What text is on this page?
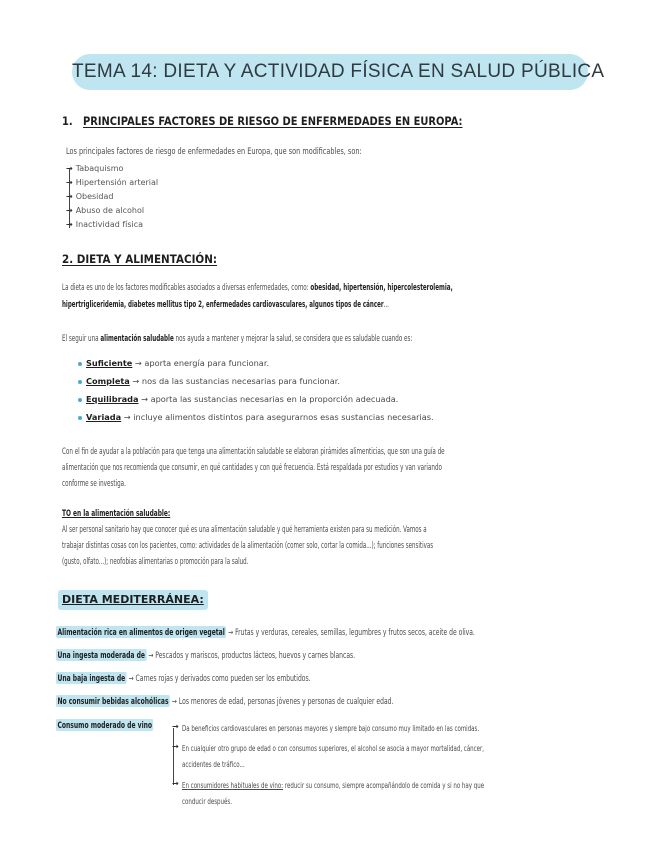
TEMA 14: DIETA Y ACTIVIDAD FÍSICA EN SALUD PÚBLICA
1. PRINCIPALES FACTORES DE RIESGO DE ENFERMEDADES EN EUROPA:
Los principales factores de riesgo de enfermedades en Europa, que son modificables, son:
→ Tabaquismo
→ Hipertensión arterial
→ Obesidad
→ Abuso de alcohol
→ Inactividad física
2. DIETA Y ALIMENTACIÓN:
La dieta es uno de los factores modificables asociados a diversas enfermedades, como: obesidad, hipertensión, hipercolesterolemia,
hipertrigliceridemia, diabetes mellitus tipo 2, enfermedades cardiovasculares, algunos tipos de cáncer...
El seguir una alimentación saludable nos ayuda a mantener y mejorar la salud, se considera que es saludable cuando es:
Suficiente → aporta energía para funcionar.
Completa → nos da las sustancias necesarias para funcionar.
Equilibrada → aporta las sustancias necesarias en la proporción adecuada.
Variada → incluye alimentos distintos para asegurarnos esas sustancias necesarias.
Con el fin de ayudar a la población para que tenga una alimentación saludable se elaboran pirámides alimenticias, que son una guía de
alimentación que nos recomienda que consumir, en qué cantidades y con qué frecuencia. Está respaldada por estudios y van variando
conforme se investiga.
TO en la alimentación saludable:
Al ser personal sanitario hay que conocer qué es una alimentación saludable y qué herramienta existen para su medición. Vamos a
trabajar distintas cosas con los pacientes, como: actividades de la alimentación (comer solo, cortar la comida...); funciones sensitivas
(gusto, olfato...); neofobias alimentarias o promoción para la salud.
DIETA MEDITERRÁNEA:
Alimentación rica en alimentos de origen vegetal → Frutas y verduras, cereales, semillas, legumbres y frutos secos, aceite de oliva.
Una ingesta moderada de → Pescados y mariscos, productos lácteos, huevos y carnes blancas.
Una baja ingesta de → Carnes rojas y derivados como pueden ser los embutidos.
No consumir bebidas alcohólicas → Los menores de edad, personas jóvenes y personas de cualquier edad.
Consumo moderado de vino →
→
→
Da beneficios cardiovasculares en personas mayores y siempre bajo consumo muy limitado en las comidas.
En cualquier otro grupo de edad o con consumos superiores, el alcohol se asocia a mayor mortalidad, cáncer,
accidentes de tráfico...
En consumidores habituales de vino: reducir su consumo, siempre acompañándolo de comida y si no hay que
conducir después.
